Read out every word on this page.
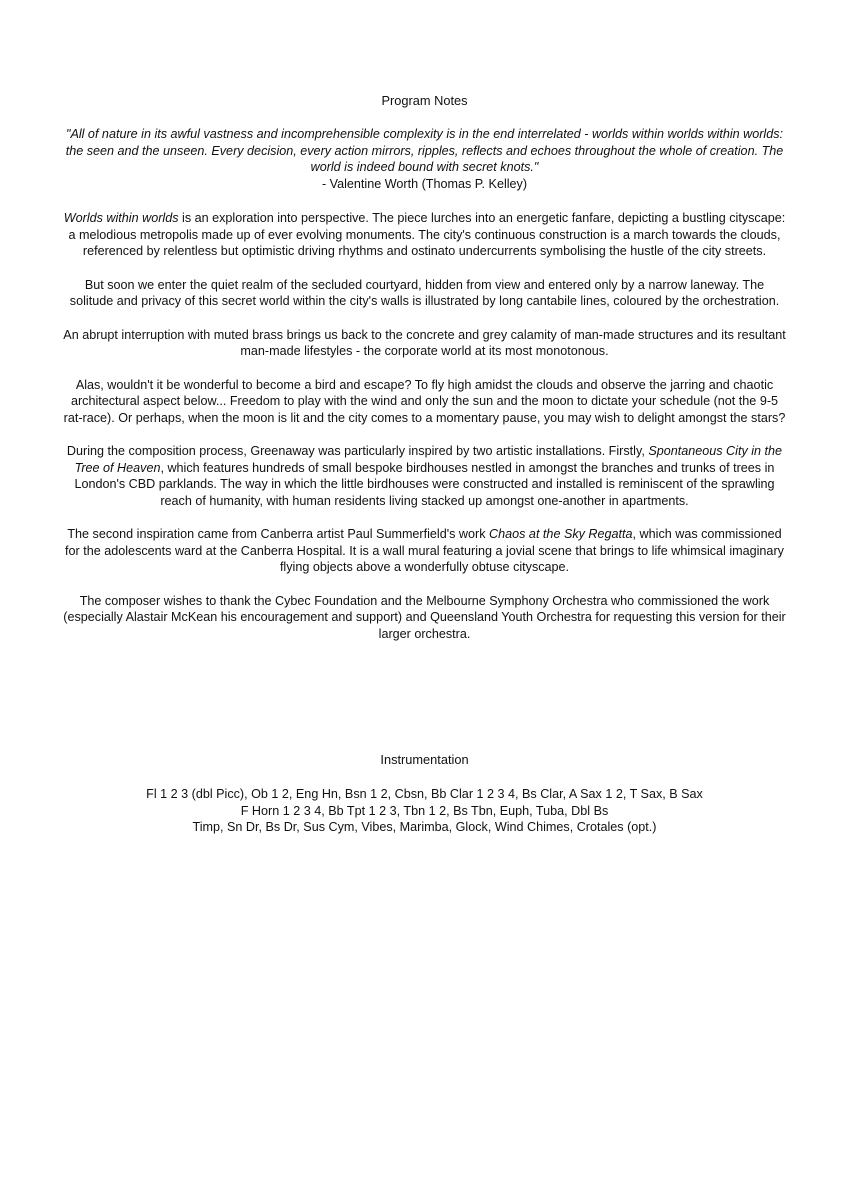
Program Notes
"All of nature in its awful vastness and incomprehensible complexity is in the end interrelated - worlds within worlds within worlds: the seen and the unseen. Every decision, every action mirrors, ripples, reflects and echoes throughout the whole of creation. The world is indeed bound with secret knots."
- Valentine Worth (Thomas P. Kelley)

Worlds within worlds is an exploration into perspective. The piece lurches into an energetic fanfare, depicting a bustling cityscape: a melodious metropolis made up of ever evolving monuments. The city's continuous construction is a march towards the clouds, referenced by relentless but optimistic driving rhythms and ostinato undercurrents symbolising the hustle of the city streets.

But soon we enter the quiet realm of the secluded courtyard, hidden from view and entered only by a narrow laneway. The solitude and privacy of this secret world within the city's walls is illustrated by long cantabile lines, coloured by the orchestration.

An abrupt interruption with muted brass brings us back to the concrete and grey calamity of man-made structures and its resultant man-made lifestyles - the corporate world at its most monotonous.

Alas, wouldn't it be wonderful to become a bird and escape? To fly high amidst the clouds and observe the jarring and chaotic architectural aspect below... Freedom to play with the wind and only the sun and the moon to dictate your schedule (not the 9-5 rat-race). Or perhaps, when the moon is lit and the city comes to a momentary pause, you may wish to delight amongst the stars?

During the composition process, Greenaway was particularly inspired by two artistic installations. Firstly, Spontaneous City in the Tree of Heaven, which features hundreds of small bespoke birdhouses nestled in amongst the branches and trunks of trees in London's CBD parklands. The way in which the little birdhouses were constructed and installed is reminiscent of the sprawling reach of humanity, with human residents living stacked up amongst one-another in apartments.

The second inspiration came from Canberra artist Paul Summerfield's work Chaos at the Sky Regatta, which was commissioned for the adolescents ward at the Canberra Hospital. It is a wall mural featuring a jovial scene that brings to life whimsical imaginary flying objects above a wonderfully obtuse cityscape.

The composer wishes to thank the Cybec Foundation and the Melbourne Symphony Orchestra who commissioned the work (especially Alastair McKean his encouragement and support) and Queensland Youth Orchestra for requesting this version for their larger orchestra.

Instrumentation
Fl 1 2 3 (dbl Picc), Ob 1 2, Eng Hn, Bsn 1 2, Cbsn, Bb Clar 1 2 3 4, Bs Clar, A Sax 1 2, T Sax, B Sax
F Horn 1 2 3 4, Bb Tpt 1 2 3, Tbn 1 2, Bs Tbn, Euph, Tuba, Dbl Bs
Timp, Sn Dr, Bs Dr, Sus Cym, Vibes, Marimba, Glock, Wind Chimes, Crotales (opt.)
